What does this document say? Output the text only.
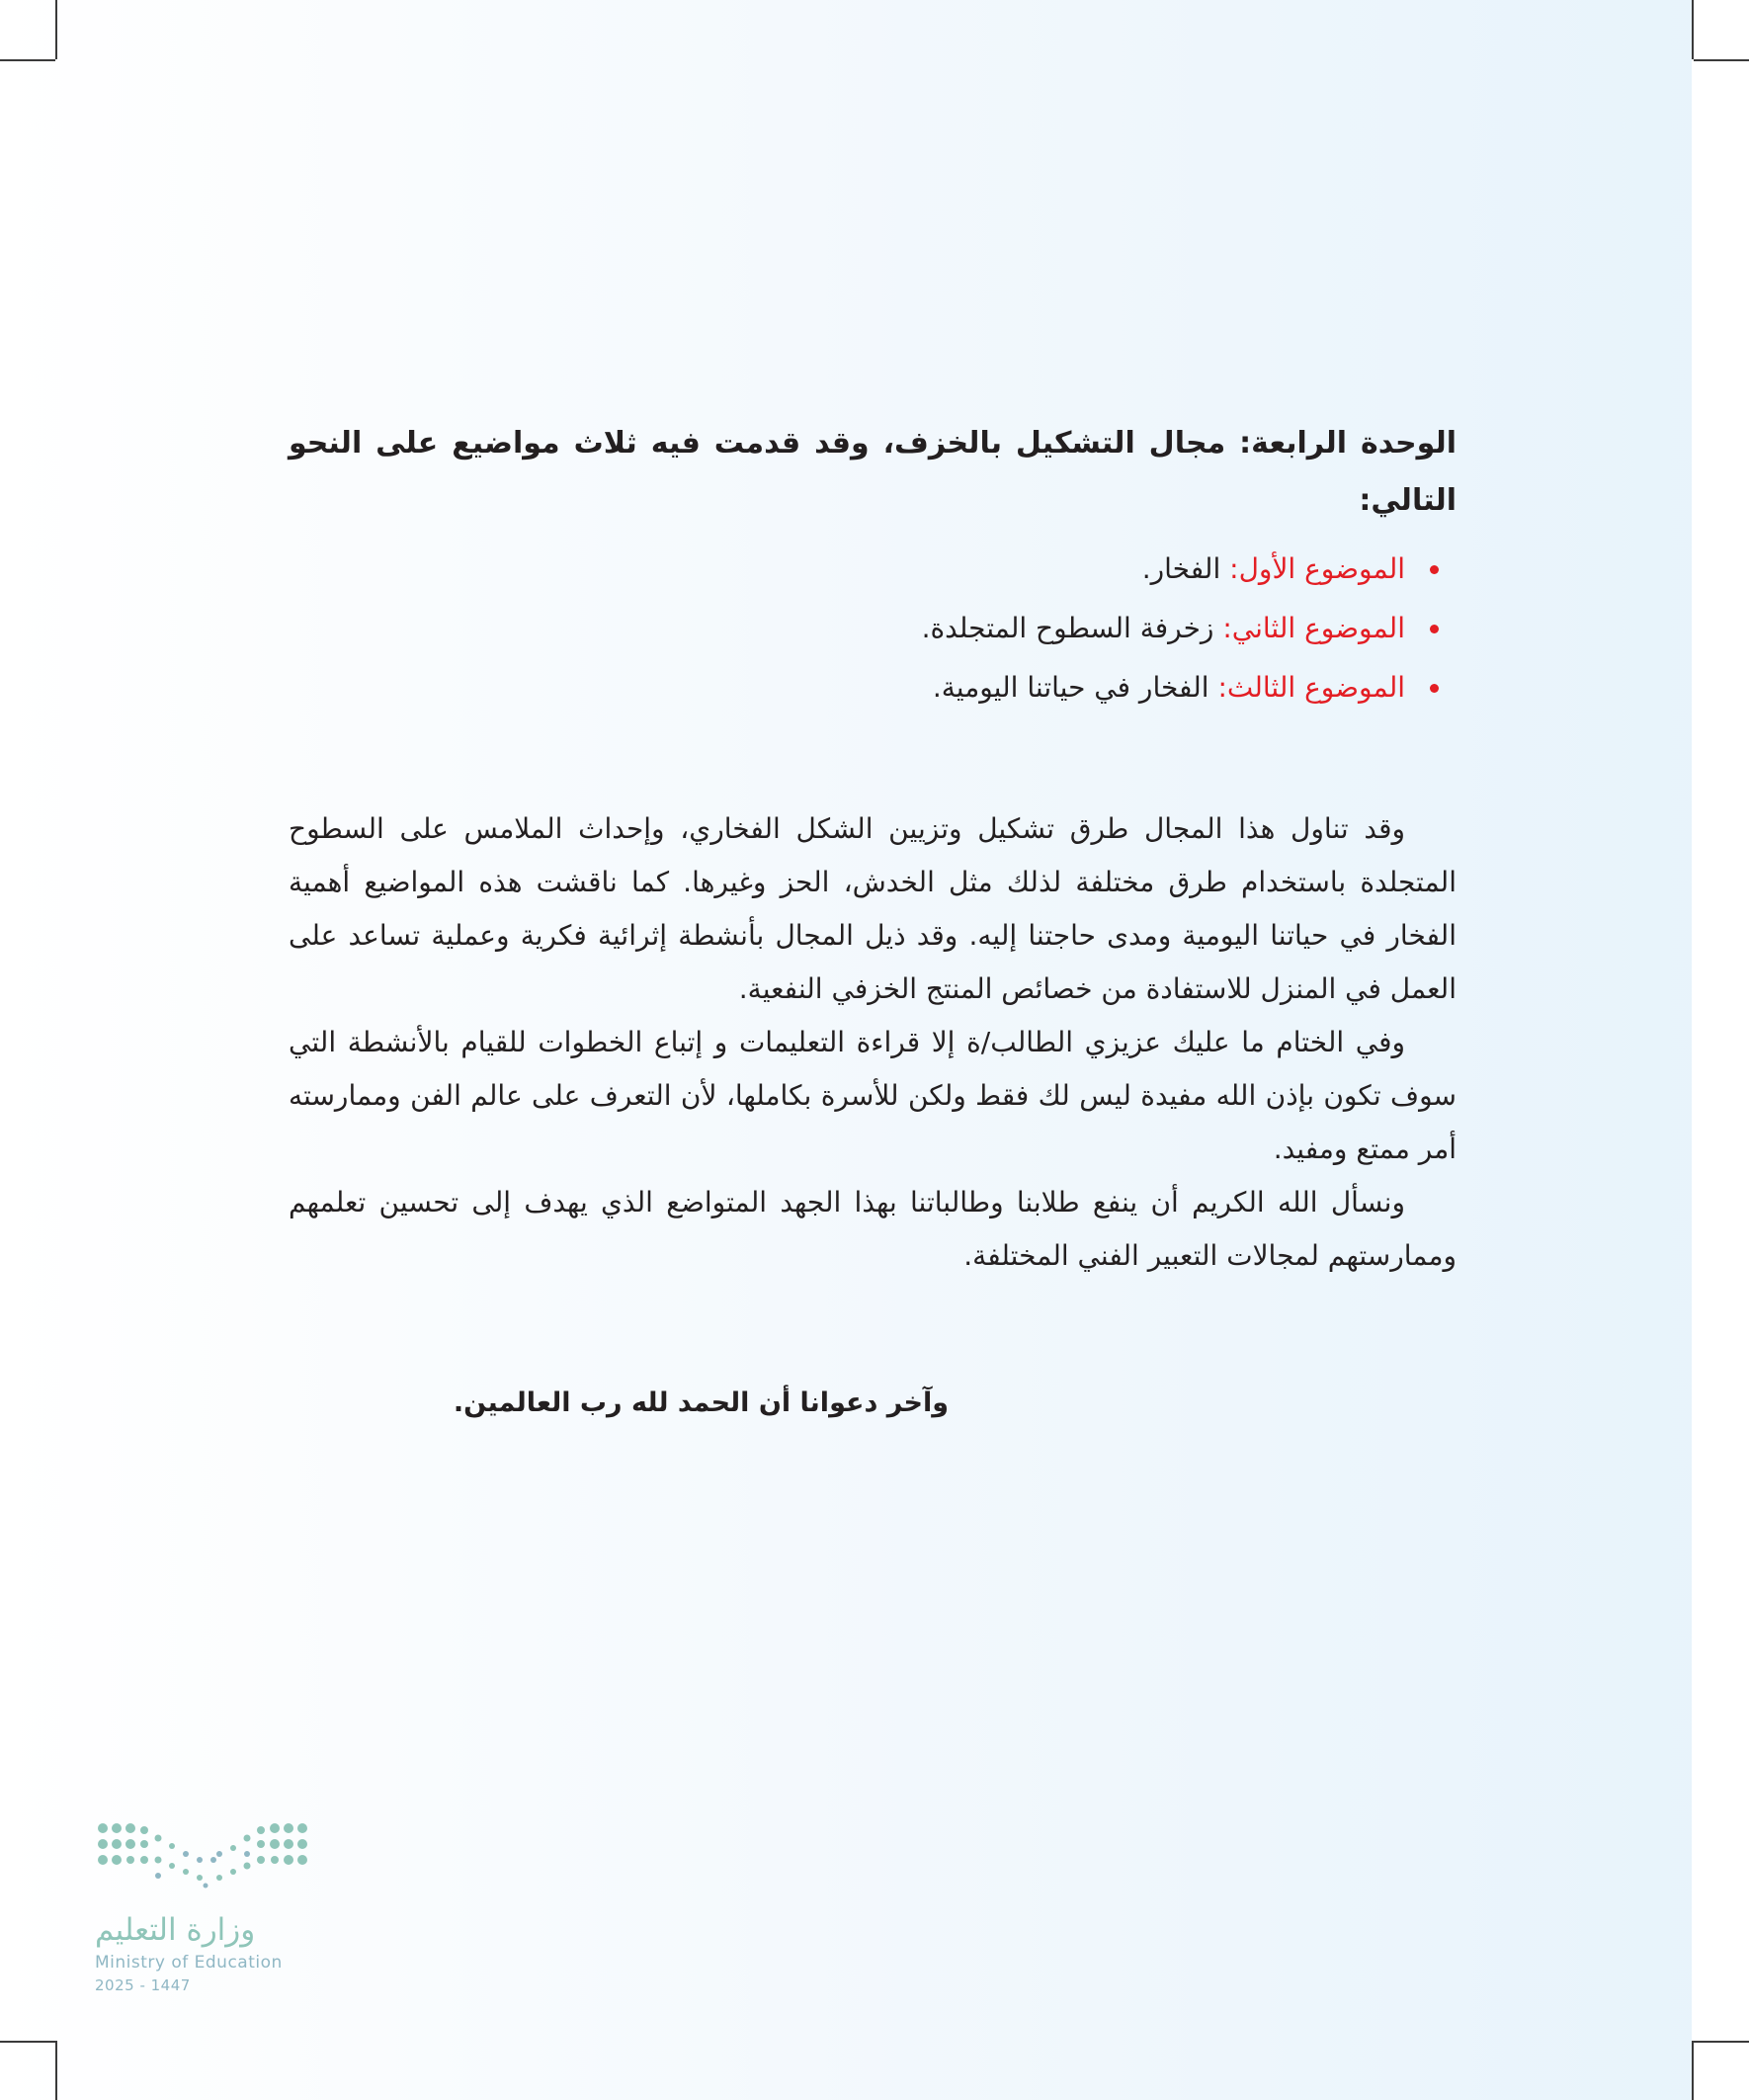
الوحدة الرابعة: مجال التشكيل بالخزف، وقد قدمت فيه ثلاث مواضيع على النحو التالي:

الموضوع الأول: الفخار.
الموضوع الثاني: زخرفة السطوح المتجلدة.
الموضوع الثالث: الفخار في حياتنا اليومية.

وقد تناول هذا المجال طرق تشكيل وتزيين الشكل الفخاري، وإحداث الملامس على السطوح المتجلدة باستخدام طرق مختلفة لذلك مثل الخدش، الحز وغيرها. كما ناقشت هذه المواضيع أهمية الفخار في حياتنا اليومية ومدى حاجتنا إليه. وقد ذيل المجال بأنشطة إثرائية فكرية وعملية تساعد على العمل في المنزل للاستفادة من خصائص المنتج الخزفي النفعية.

وفي الختام ما عليك عزيزي الطالب/ة إلا قراءة التعليمات و إتباع الخطوات للقيام بالأنشطة التي سوف تكون بإذن الله مفيدة ليس لك فقط ولكن للأسرة بكاملها، لأن التعرف على عالم الفن وممارسته أمر ممتع ومفيد.

ونسأل الله الكريم أن ينفع طلابنا وطالباتنا بهذا الجهد المتواضع الذي يهدف إلى تحسين تعلمهم وممارستهم لمجالات التعبير الفني المختلفة.

وآخر دعوانا أن الحمد لله رب العالمين.
وزارة التعليم
Ministry of Education
2025 - 1447
